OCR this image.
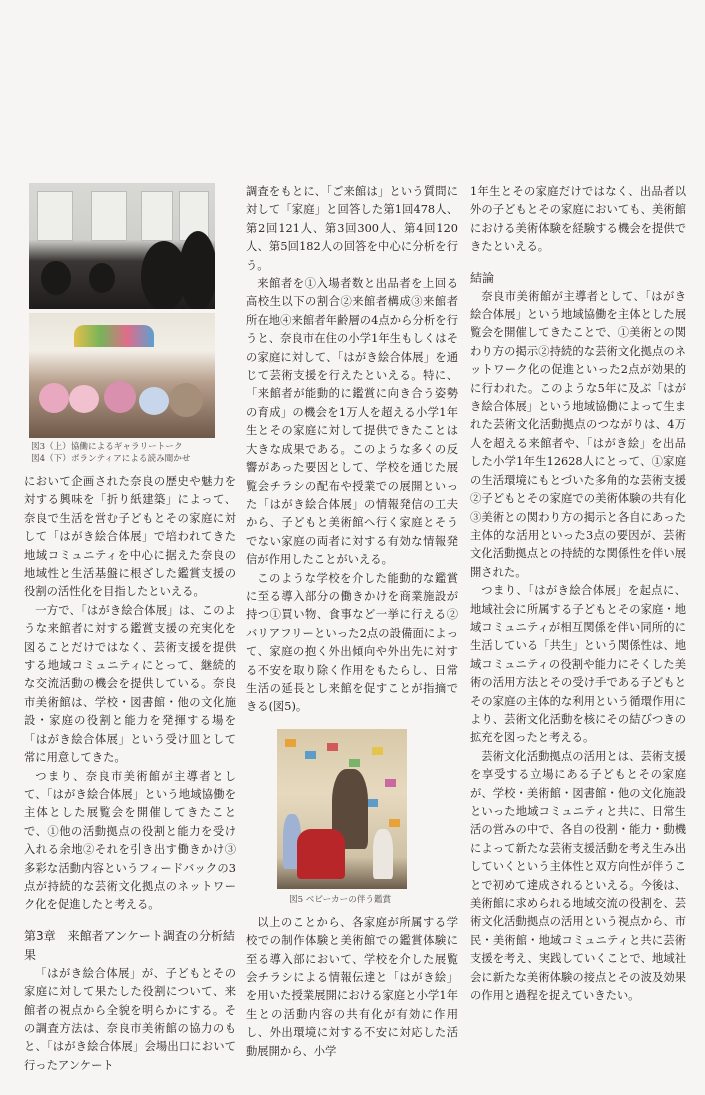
図3（上）協働によるギャラリートーク
図4（下）ボランティアによる読み聞かせ

において企画された奈良の歴史や魅力を対する興味を「折り紙建築」によって、奈良で生活を営む子どもとその家庭に対して「はがき絵合体展」で培われてきた地域コミュニティを中心に据えた奈良の地域性と生活基盤に根ざした鑑賞支援の役割の活性化を目指したといえる。

一方で、「はがき絵合体展」は、このような来館者に対する鑑賞支援の充実化を図ることだけではなく、芸術支援を提供する地域コミュニティにとって、継続的な交流活動の機会を提供している。奈良市美術館は、学校・図書館・他の文化施設・家庭の役割と能力を発揮する場を「はがき絵合体展」という受け皿として常に用意してきた。

つまり、奈良市美術館が主導者として、「はがき絵合体展」という地域協働を主体とした展覧会を開催してきたことで、①他の活動拠点の役割と能力を受け入れる余地②それを引き出す働きかけ③多彩な活動内容というフィードバックの3点が持続的な芸術文化拠点のネットワーク化を促進したと考える。

第3章　来館者アンケート調査の分析結果

「はがき絵合体展」が、子どもとその家庭に対して果たした役割について、来館者の視点から全貌を明らかにする。その調査方法は、奈良市美術館の協力のもと、「はがき絵合体展」会場出口において行ったアンケート

調査をもとに、「ご来館は」という質問に対して「家庭」と回答した第1回478人、第2回121人、第3回300人、第4回120人、第5回182人の回答を中心に分析を行う。

来館者を①入場者数と出品者を上回る高校生以下の割合②来館者構成③来館者所在地④来館者年齢層の4点から分析を行うと、奈良市在住の小学1年生もしくはその家庭に対して、「はがき絵合体展」を通じて芸術支援を行えたといえる。特に、「来館者が能動的に鑑賞に向き合う姿勢の育成」の機会を1万人を超える小学1年生とその家庭に対して提供できたことは大きな成果である。このような多くの反響があった要因として、学校を通じた展覧会チラシの配布や授業での展開といった「はがき絵合体展」の情報発信の工夫から、子どもと美術館へ行く家庭とそうでない家庭の両者に対する有効な情報発信が作用したことがいえる。

このような学校を介した能動的な鑑賞に至る導入部分の働きかけを商業施設が持つ①買い物、食事など一挙に行える②バリアフリーといった2点の設備面によって、家庭の抱く外出傾向や外出先に対する不安を取り除く作用をもたらし、日常生活の延長とし来館を促すことが指摘できる(図5)。

図5 ベビーカーの伴う鑑賞

以上のことから、各家庭が所属する学校での制作体験と美術館での鑑賞体験に至る導入部において、学校を介した展覧会チラシによる情報伝達と「はがき絵」を用いた授業展開における家庭と小学1年生との活動内容の共有化が有効に作用し、外出環境に対する不安に対応した活動展開から、小学

1年生とその家庭だけではなく、出品者以外の子どもとその家庭においても、美術館における美術体験を経験する機会を提供できたといえる。

結論

奈良市美術館が主導者として、「はがき絵合体展」という地域協働を主体とした展覧会を開催してきたことで、①美術との関わり方の掲示②持続的な芸術文化拠点のネットワーク化の促進といった2点が効果的に行われた。このような5年に及ぶ「はがき絵合体展」という地域協働によって生まれた芸術文化活動拠点のつながりは、4万人を超える来館者や、「はがき絵」を出品した小学1年生12628人にとって、①家庭の生活環境にもとづいた多角的な芸術支援②子どもとその家庭での美術体験の共有化③美術との関わり方の掲示と各自にあった主体的な活用といった3点の要因が、芸術文化活動拠点との持続的な関係性を伴い展開された。

つまり、「はがき絵合体展」を起点に、地域社会に所属する子どもとその家庭・地域コミュニティが相互関係を伴い同所的に生活している「共生」という関係性は、地域コミュニティの役割や能力にそくした美術の活用方法とその受け手である子どもとその家庭の主体的な利用という循環作用により、芸術文化活動を核にその結びつきの拡充を図ったと考える。

芸術文化活動拠点の活用とは、芸術支援を享受する立場にある子どもとその家庭が、学校・美術館・図書館・他の文化施設といった地域コミュニティと共に、日常生活の営みの中で、各自の役割・能力・動機によって新たな芸術支援活動を考え生み出していくという主体性と双方向性が伴うことで初めて達成されるといえる。今後は、美術館に求められる地域交流の役割を、芸術文化活動拠点の活用という視点から、市民・美術館・地域コミュニティと共に芸術支援を考え、実践していくことで、地域社会に新たな美術体験の接点とその波及効果の作用と過程を捉えていきたい。
